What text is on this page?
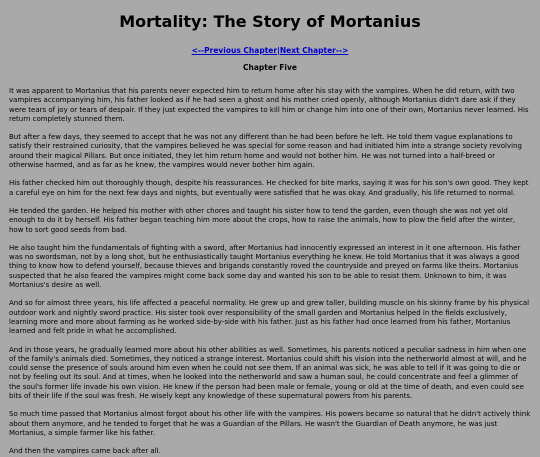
Mortality: The Story of Mortanius
<--Previous Chapter|Next Chapter-->
Chapter Five

It was apparent to Mortanius that his parents never expected him to return home after his stay with the vampires. When he did return, with two vampires accompanying him, his father looked as if he had seen a ghost and his mother cried openly, although Mortanius didn't dare ask if they were tears of joy or tears of despair. If they just expected the vampires to kill him or change him into one of their own, Mortanius never learned. His return completely stunned them.

But after a few days, they seemed to accept that he was not any different than he had been before he left. He told them vague explanations to satisfy their restrained curiosity, that the vampires believed he was special for some reason and had initiated him into a strange society revolving around their magical Pillars. But once initiated, they let him return home and would not bother him. He was not turned into a half-breed or otherwise harmed, and as far as he knew, the vampires would never bother him again.

His father checked him out thoroughly though, despite his reassurances. He checked for bite marks, saying it was for his son's own good. They kept a careful eye on him for the next few days and nights, but eventually were satisfied that he was okay. And gradually, his life returned to normal.

He tended the garden. He helped his mother with other chores and taught his sister how to tend the garden, even though she was not yet old enough to do it by herself. His father began teaching him more about the crops, how to raise the animals, how to plow the field after the winter, how to sort good seeds from bad.

He also taught him the fundamentals of fighting with a sword, after Mortanius had innocently expressed an interest in it one afternoon. His father was no swordsman, not by a long shot, but he enthusiastically taught Mortanius everything he knew. He told Mortanius that it was always a good thing to know how to defend yourself, because thieves and brigands constantly roved the countryside and preyed on farms like theirs. Mortanius suspected that he also feared the vampires might come back some day and wanted his son to be able to resist them. Unknown to him, it was Mortanius's desire as well.

And so for almost three years, his life affected a peaceful normality. He grew up and grew taller, building muscle on his skinny frame by his physical outdoor work and nightly sword practice. His sister took over responsibility of the small garden and Mortanius helped in the fields exclusively, learning more and more about farming as he worked side-by-side with his father. Just as his father had once learned from his father, Mortanius learned and felt pride in what he accomplished.

And in those years, he gradually learned more about his other abilities as well. Sometimes, his parents noticed a peculiar sadness in him when one of the family's animals died. Sometimes, they noticed a strange interest. Mortanius could shift his vision into the netherworld almost at will, and he could sense the presence of souls around him even when he could not see them. If an animal was sick, he was able to tell if it was going to die or not by feeling out its soul. And at times, when he looked into the netherworld and saw a human soul, he could concentrate and feel a glimmer of the soul's former life invade his own vision. He knew if the person had been male or female, young or old at the time of death, and even could see bits of their life if the soul was fresh. He wisely kept any knowledge of these supernatural powers from his parents.

So much time passed that Mortanius almost forgot about his other life with the vampires. His powers became so natural that he didn't actively think about them anymore, and he tended to forget that he was a Guardian of the Pillars. He wasn't the Guardian of Death anymore, he was just Mortanius, a simple farmer like his father.

And then the vampires came back after all.
